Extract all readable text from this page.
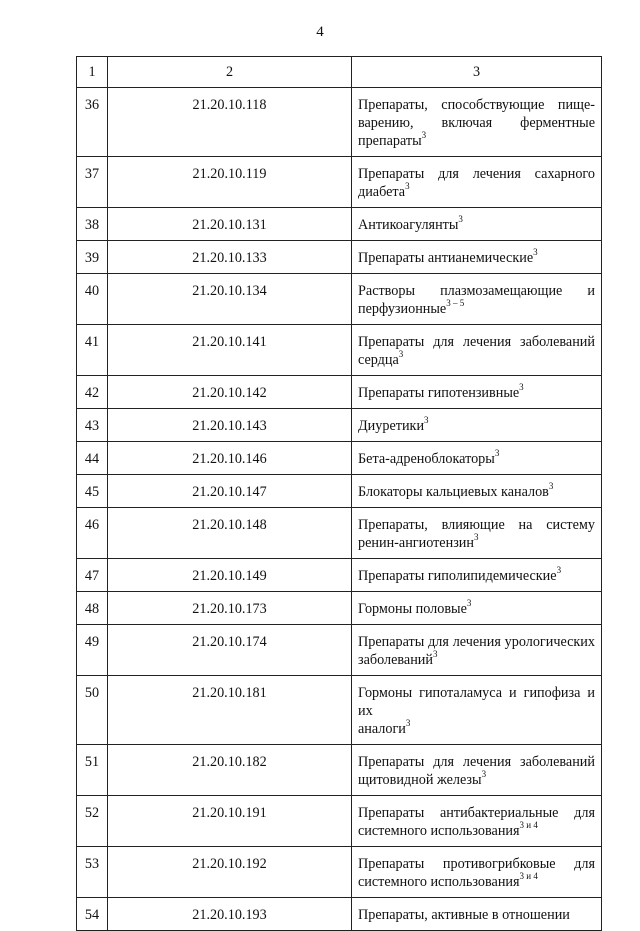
4
1	2	3
36	21.20.10.118	Препараты, способствующие пище-
варению, включая ферментные
препараты$^3$

37	21.20.10.119	Препараты для лечения сахарного
диабета$^3$

38	21.20.10.131	Антикоагулянты$^3$

39	21.20.10.133	Препараты антианемические$^3$

40	21.20.10.134	Растворы плазмозамещающие и
перфузионные$^{3 - 5}$

41	21.20.10.141	Препараты для лечения заболеваний
сердца$^3$

42	21.20.10.142	Препараты гипотензивные$^3$

43	21.20.10.143	Диуретики$^3$

44	21.20.10.146	Бета-адреноблокаторы$^3$

45	21.20.10.147	Блокаторы кальциевых каналов$^3$

46	21.20.10.148	Препараты, влияющие на систему
ренин-ангиотензин$^3$

47	21.20.10.149	Препараты гиполипидемические$^3$

48	21.20.10.173	Гормоны половые$^3$

49	21.20.10.174	Препараты для лечения урологических
заболеваний$^3$

50	21.20.10.181	Гормоны гипоталамуса и гипофиза и их
аналоги$^3$

51	21.20.10.182	Препараты для лечения заболеваний
щитовидной железы$^3$

52	21.20.10.191	Препараты антибактериальные для
системного использования$^{3 и 4}$

53	21.20.10.192	Препараты противогрибковые для
системного использования$^{3 и 4}$

54	21.20.10.193	Препараты, активные в отношении
